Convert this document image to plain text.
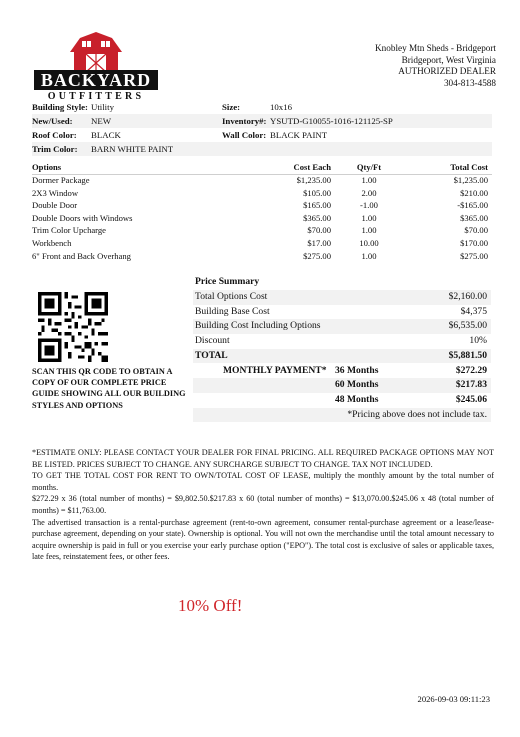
BACKYARD
OUTFITTERS
Knobley Mtn Sheds - Bridgeport
Bridgeport, West Virginia
AUTHORIZED DEALER
304-813-4588
Building Style: Utility	Size:	10x16
New/Used: NEW	Inventory#: YSUTD-G10055-1016-121125-SP
Roof Color: BLACK	Wall Color: BLACK PAINT
Trim Color: BARN WHITE PAINT
Options	Cost Each	Qty/Ft	Total Cost
Dormer Package	$1,235.00	1.00	$1,235.00
2X3 Window	$105.00	2.00	$210.00
Double Door	$165.00	-1.00	-$165.00
Double Doors with Windows	$365.00	1.00	$365.00
Trim Color Upcharge	$70.00	1.00	$70.00
Workbench	$17.00	10.00	$170.00
6" Front and Back Overhang	$275.00	1.00	$275.00
SCAN THIS QR CODE TO OBTAIN A COPY OF OUR COMPLETE PRICE GUIDE SHOWING ALL OUR BUILDING STYLES AND OPTIONS
Price Summary
Total Options Cost	$2,160.00
Building Base Cost	$4,375
Building Cost Including Options	$6,535.00
Discount	10%
TOTAL	$5,881.50
MONTHLY PAYMENT* 36 Months	$272.29
60 Months	$217.83
48 Months	$245.06
*Pricing above does not include tax.

*ESTIMATE ONLY: PLEASE CONTACT YOUR DEALER FOR FINAL PRICING. ALL REQUIRED PACKAGE OPTIONS MAY NOT BE LISTED. PRICES SUBJECT TO CHANGE. ANY SURCHARGE SUBJECT TO CHANGE. TAX NOT INCLUDED.

TO GET THE TOTAL COST FOR RENT TO OWN/TOTAL COST OF LEASE, multiply the monthly amount by the total number of months.

$272.29 x 36 (total number of months) = $9,802.50.$217.83 x 60 (total number of months) = $13,070.00.$245.06 x 48 (total number of months) = $11,763.00.

The advertised transaction is a rental-purchase agreement (rent-to-own agreement, consumer rental-purchase agreement or a lease/lease-purchase agreement, depending on your state). Ownership is optional. You will not own the merchandise until the total amount necessary to acquire ownership is paid in full or you exercise your early purchase option ("EPO"). The total cost is exclusive of sales or applicable taxes, late fees, reinstatement fees, or other fees.

10% Off!
2026-09-03 09:11:23
